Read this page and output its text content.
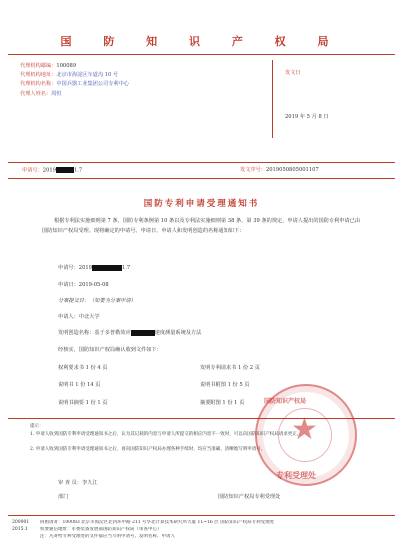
国 防 知 识 产 权 局
代理机构邮编：100089
代理机构地址：北京市海淀区车道沟 10 号
代理机构名称：中国兵器工业集团公司专利中心
代理人姓名：周恒
发文日
2019 年 5 月 8 日
申请号：2019	1.7	发文序号：2019050805001107
国防专利申请受理通知书
根据专利法实施细则第 7 条、国防专利条例第 10 条以及专利法实施细则第 38 条、第 39 条的规定，申请人提出的国防专利申请已由国防知识产权局受理。现将确定的申请号、申请日、申请人和发明创造的名称通知如下：
申请号：2019	1.7
申请日：2019-05-08
分案提交日：（如要为分案申请）
申请人：中北大学
发明创造名称：基于多普勒效应	速度测量系统及方法
经核实，国防知识产权局确认收到文件如下：
权利要求书 1 份 4 页	发明专利请求书 1 份 2 页
说明书 1 份 14 页	说明书附图 1 份 5 页
说明书摘要 1 份 1 页	摘要附图 1 份 1 页
提示：
1. 申请人收到国防专利申请受理通知书之后，认为其记载的内容与申请人所提交的相应内容不一致时，可以向国防知识产权局请求更正。
2. 申请人收到国防专利申请受理通知书之后，再向国防知识产权局办理各种手续时，均应当准确、清晰地写明申请号。
审 查 员：李九江
部门	国防知识产权局专利受理处
★
国防知识产权局
专利受理处
200901
2015.1
回函请寄：100083 北京市海淀区北四环中路 211 号华北计算技术研究所大厦 11~16 层 国防知识产权局专利受理处
机要通信地址：军委装备发展部国防知识产权局（审查中心）
注：凡寄给专利受理处的文件都应当写明申请号、发明名称、申请人
